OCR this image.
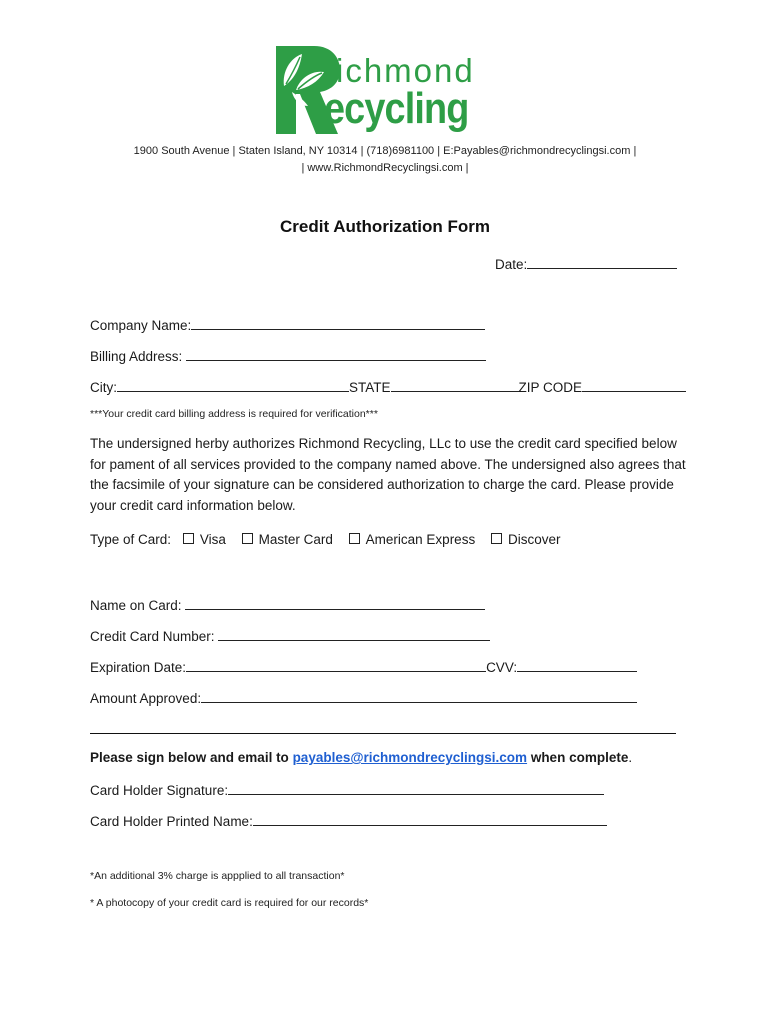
ichmond
ecycling
1900 South Avenue | Staten Island, NY 10314 | (718)6981100 | E:Payables@richmondrecyclingsi.com |
| www.RichmondRecyclingsi.com |
Credit Authorization Form
Date:
Company Name:
Billing Address:
City:	STATE	ZIP CODE
***Your credit card billing address is required for verification***
The undersigned herby authorizes Richmond Recycling, LLc to use the credit card specified below for pament of all services provided to the company named above. The undersigned also agrees that the facsimile of your signature can be considered authorization to charge the card. Please provide your credit card information below.
Type of Card: Visa Master Card American Express Discover
Name on Card:
Credit Card Number:
Expiration Date:	CVV:
Amount Approved:
Please sign below and email to payables@richmondrecyclingsi.com when complete.
Card Holder Signature:
Card Holder Printed Name:
*An additional 3% charge is appplied to all transaction*
* A photocopy of your credit card is required for our records*
